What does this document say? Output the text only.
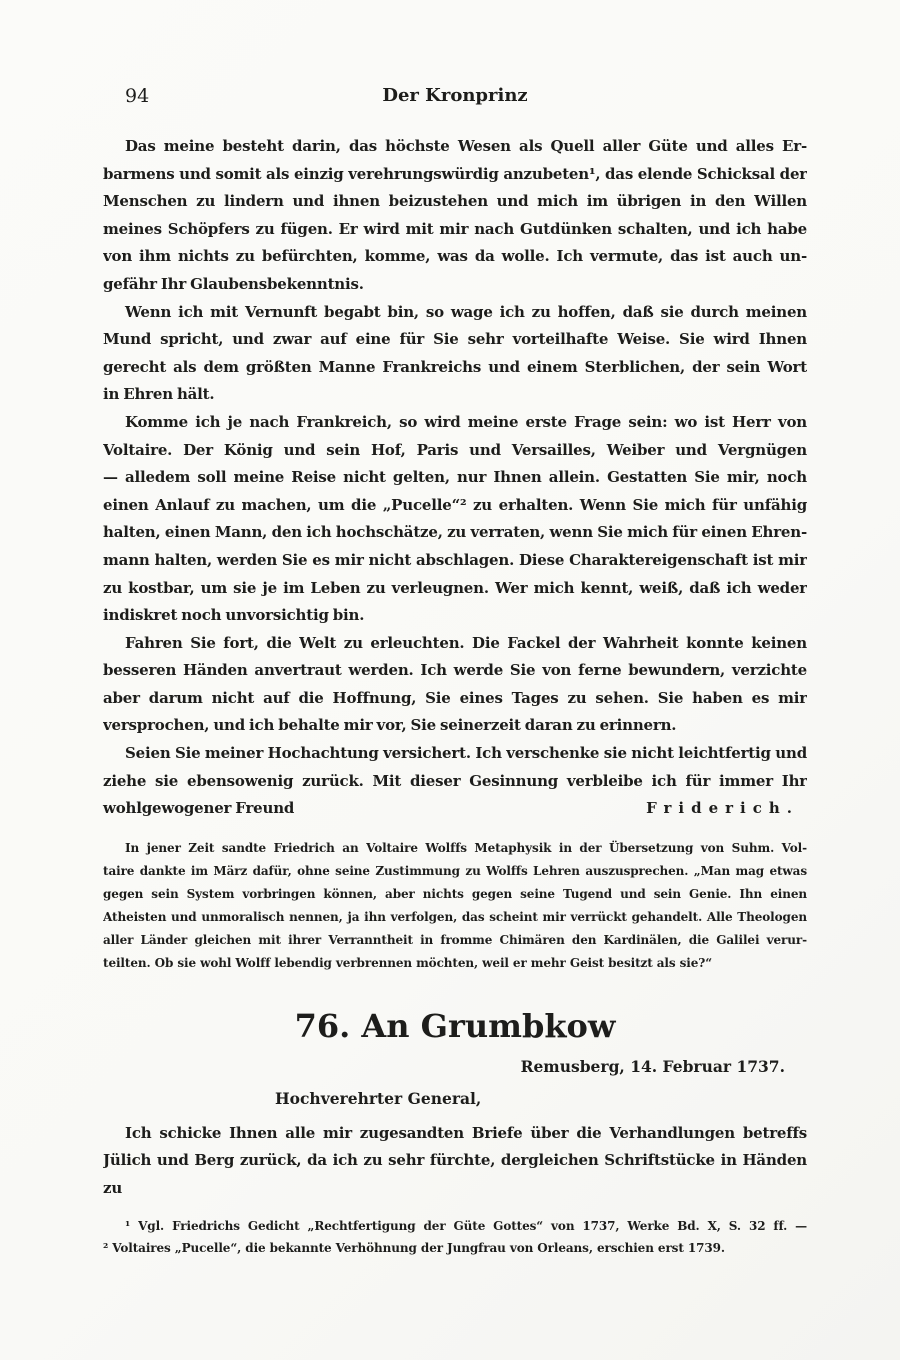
94	Der Kronprinz
Das meine besteht darin, das höchste Wesen als Quell aller Güte und alles Er-
barmens und somit als einzig verehrungswürdig anzubeten¹, das elende Schicksal der
Menschen zu lindern und ihnen beizustehen und mich im übrigen in den Willen
meines Schöpfers zu fügen. Er wird mit mir nach Gutdünken schalten, und ich habe
von ihm nichts zu befürchten, komme, was da wolle. Ich vermute, das ist auch un-
gefähr Ihr Glaubensbekenntnis.
Wenn ich mit Vernunft begabt bin, so wage ich zu hoffen, daß sie durch meinen
Mund spricht, und zwar auf eine für Sie sehr vorteilhafte Weise. Sie wird Ihnen
gerecht als dem größten Manne Frankreichs und einem Sterblichen, der sein Wort
in Ehren hält.
Komme ich je nach Frankreich, so wird meine erste Frage sein: wo ist Herr von
Voltaire. Der König und sein Hof, Paris und Versailles, Weiber und Vergnügen
— alledem soll meine Reise nicht gelten, nur Ihnen allein. Gestatten Sie mir, noch
einen Anlauf zu machen, um die „Pucelle“² zu erhalten. Wenn Sie mich für unfähig
halten, einen Mann, den ich hochschätze, zu verraten, wenn Sie mich für einen Ehren-
mann halten, werden Sie es mir nicht abschlagen. Diese Charaktereigenschaft ist mir
zu kostbar, um sie je im Leben zu verleugnen. Wer mich kennt, weiß, daß ich weder
indiskret noch unvorsichtig bin.
Fahren Sie fort, die Welt zu erleuchten. Die Fackel der Wahrheit konnte keinen
besseren Händen anvertraut werden. Ich werde Sie von ferne bewundern, verzichte
aber darum nicht auf die Hoffnung, Sie eines Tages zu sehen. Sie haben es mir
versprochen, und ich behalte mir vor, Sie seinerzeit daran zu erinnern.
Seien Sie meiner Hochachtung versichert. Ich verschenke sie nicht leichtfertig und
ziehe sie ebensowenig zurück. Mit dieser Gesinnung verbleibe ich für immer Ihr
wohlgewogener Freund	Friderich.
In jener Zeit sandte Friedrich an Voltaire Wolffs Metaphysik in der Übersetzung von Suhm. Vol-
taire dankte im März dafür, ohne seine Zustimmung zu Wolffs Lehren auszusprechen. „Man mag etwas
gegen sein System vorbringen können, aber nichts gegen seine Tugend und sein Genie. Ihn einen
Atheisten und unmoralisch nennen, ja ihn verfolgen, das scheint mir verrückt gehandelt. Alle Theologen
aller Länder gleichen mit ihrer Verranntheit in fromme Chimären den Kardinälen, die Galilei verur-
teilten. Ob sie wohl Wolff lebendig verbrennen möchten, weil er mehr Geist besitzt als sie?“
76. An Grumbkow
Remusberg, 14. Februar 1737.
Hochverehrter General,
Ich schicke Ihnen alle mir zugesandten Briefe über die Verhandlungen betreffs
Jülich und Berg zurück, da ich zu sehr fürchte, dergleichen Schriftstücke in Händen zu
¹ Vgl. Friedrichs Gedicht „Rechtfertigung der Güte Gottes“ von 1737, Werke Bd. X, S. 32 ff. —
² Voltaires „Pucelle“, die bekannte Verhöhnung der Jungfrau von Orleans, erschien erst 1739.
